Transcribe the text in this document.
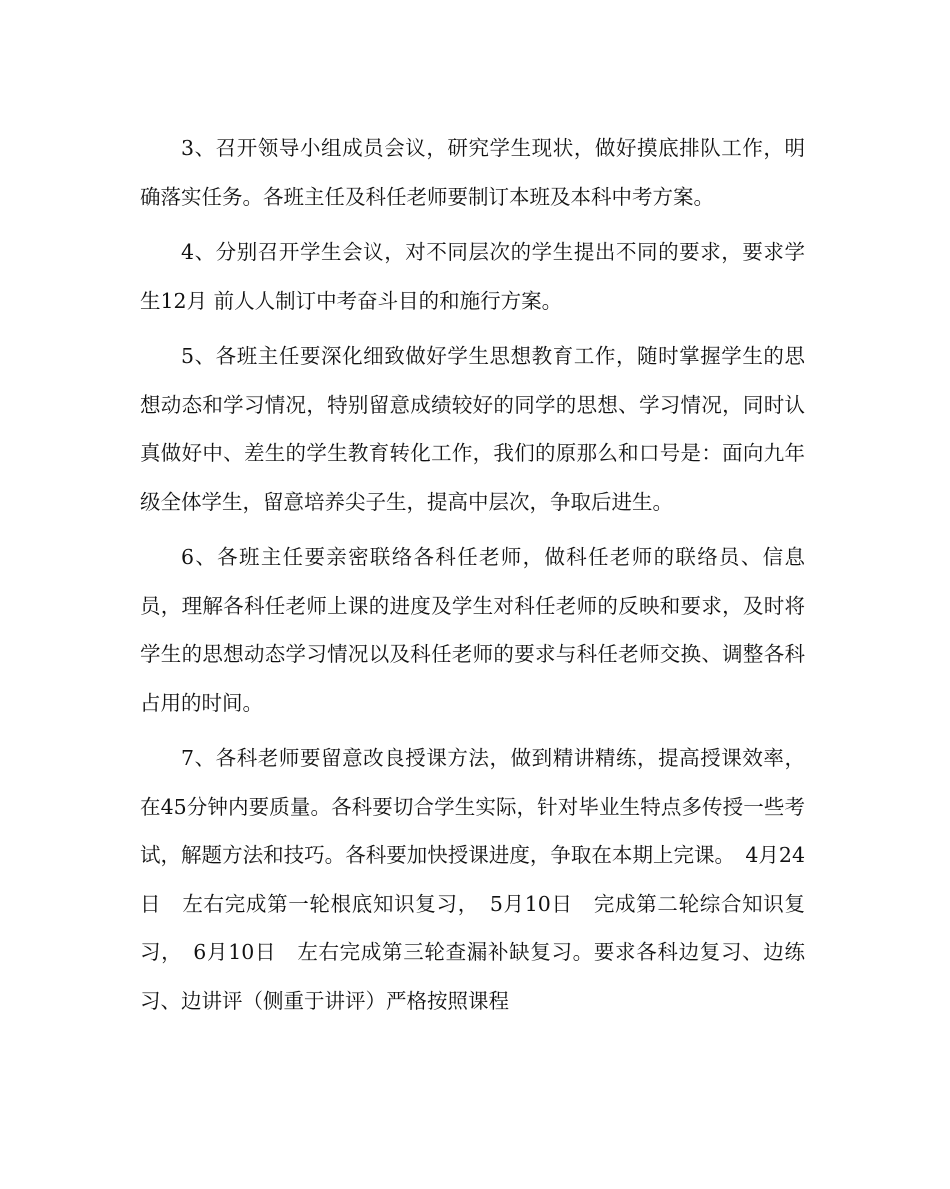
3、召开领导小组成员会议，研究学生现状，做好摸底排队工作，明确落实任务。各班主任及科任老师要制订本班及本科中考方案。

4、分别召开学生会议，对不同层次的学生提出不同的要求，要求学生12月 前人人制订中考奋斗目的和施行方案。

5、各班主任要深化细致做好学生思想教育工作，随时掌握学生的思想动态和学习情况，特别留意成绩较好的同学的思想、学习情况，同时认真做好中、差生的学生教育转化工作，我们的原那么和口号是：面向九年级全体学生，留意培养尖子生，提高中层次，争取后进生。

6、各班主任要亲密联络各科任老师，做科任老师的联络员、信息员，理解各科任老师上课的进度及学生对科任老师的反映和要求，及时将学生的思想动态学习情况以及科任老师的要求与科任老师交换、调整各科占用的时间。

7、各科老师要留意改良授课方法，做到精讲精练，提高授课效率，在45分钟内要质量。各科要切合学生实际，针对毕业生特点多传授一些考试，解题方法和技巧。各科要加快授课进度，争取在本期上完课。　4月24日　左右完成第一轮根底知识复习，　5月10日　完成第二轮综合知识复习，　6月10日　左右完成第三轮查漏补缺复习。要求各科边复习、边练习、边讲评（侧重于讲评）严格按照课程
